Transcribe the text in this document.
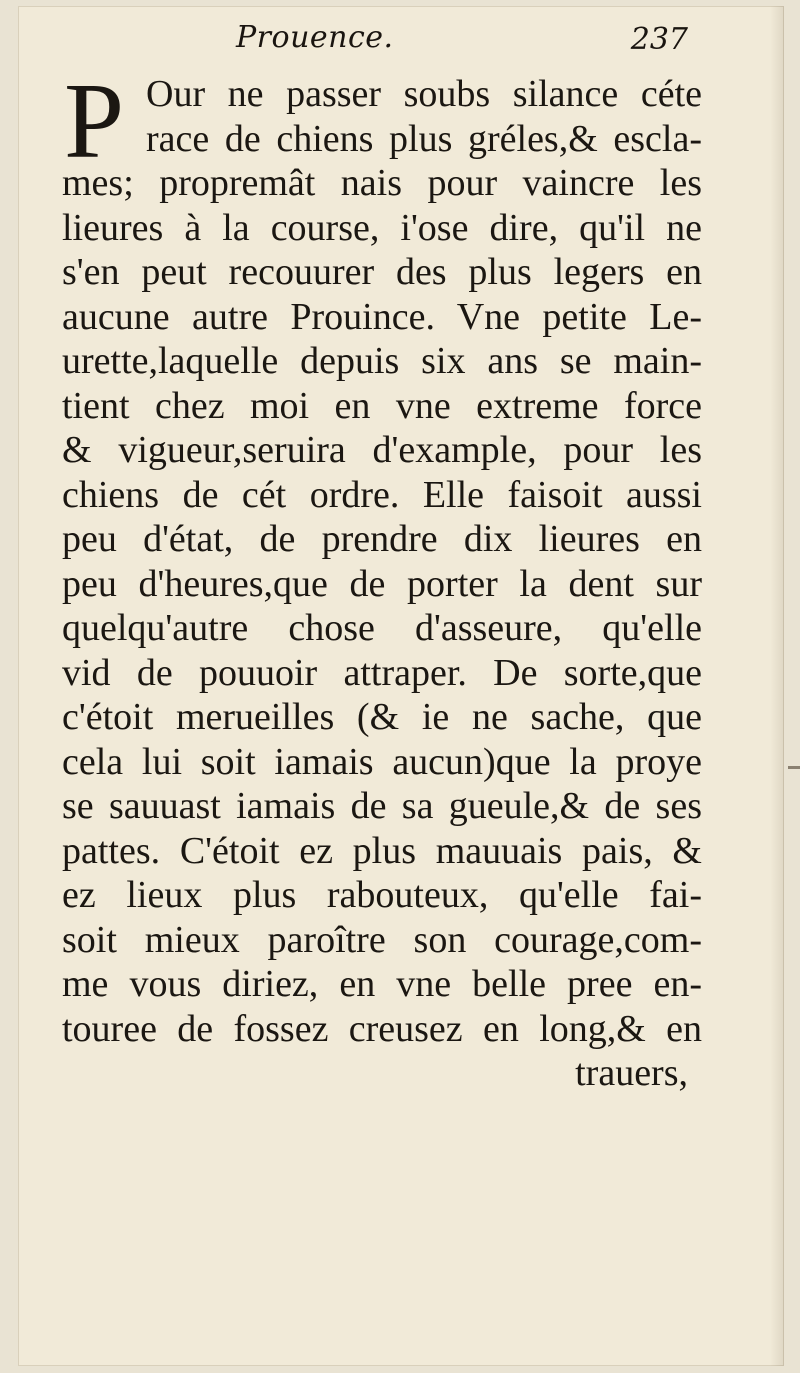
Prouence.	237
P Our ne passer soubs silance céte
race de chiens plus gréles,& escla-
mes; propremât nais pour vaincre les
lieures à la course, i'ose dire, qu'il ne
s'en peut recouurer des plus legers en
aucune autre Prouince. Vne petite Le-
urette,laquelle depuis six ans se main-
tient chez moi en vne extreme force
& vigueur,seruira d'example, pour les
chiens de cét ordre. Elle faisoit aussi
peu d'état, de prendre dix lieures en
peu d'heures,que de porter la dent sur
quelqu'autre chose d'asseure, qu'elle
vid de pouuoir attraper. De sorte,que
c'étoit merueilles (& ie ne sache, que
cela lui soit iamais aucun)que la proye
se sauuast iamais de sa gueule,& de ses
pattes. C'étoit ez plus mauuais pais, &
ez lieux plus rabouteux, qu'elle fai-
soit mieux paroître son courage,com-
me vous diriez, en vne belle pree en-
touree de fossez creusez en long,& en
trauers,
